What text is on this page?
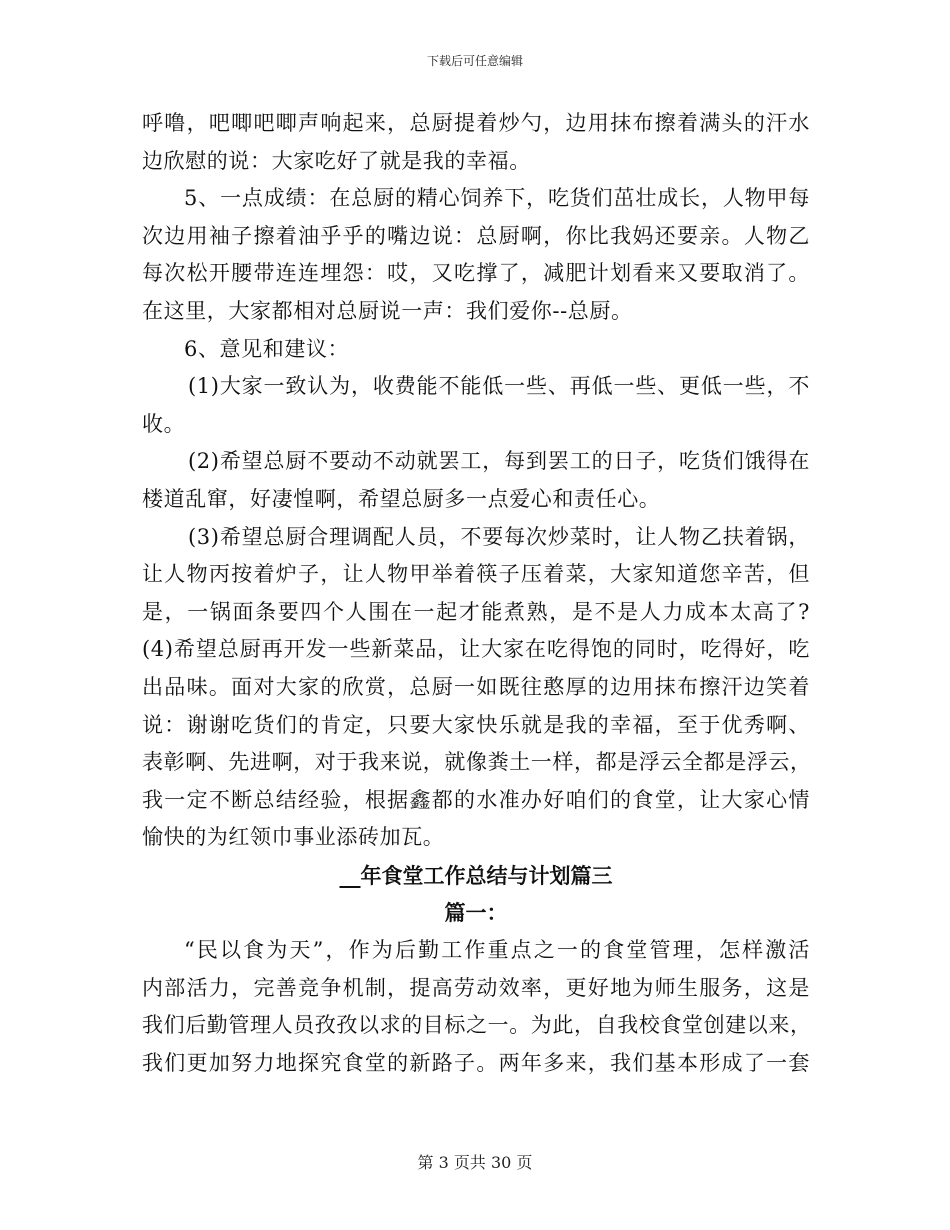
下载后可任意编辑
呼噜，吧唧吧唧声响起来，总厨提着炒勺，边用抹布擦着满头的汗水
边欣慰的说：大家吃好了就是我的幸福。
5、一点成绩：在总厨的精心饲养下，吃货们茁壮成长，人物甲每
次边用袖子擦着油乎乎的嘴边说：总厨啊，你比我妈还要亲。人物乙
每次松开腰带连连埋怨：哎，又吃撑了，减肥计划看来又要取消了。
在这里，大家都相对总厨说一声：我们爱你--总厨。
6、意见和建议：
(1)大家一致认为，收费能不能低一些、再低一些、更低一些，不
收。
(2)希望总厨不要动不动就罢工，每到罢工的日子，吃货们饿得在
楼道乱窜，好凄惶啊，希望总厨多一点爱心和责任心。
(3)希望总厨合理调配人员，不要每次炒菜时，让人物乙扶着锅，
让人物丙按着炉子，让人物甲举着筷子压着菜，大家知道您辛苦，但
是，一锅面条要四个人围在一起才能煮熟，是不是人力成本太高了?
(4)希望总厨再开发一些新菜品，让大家在吃得饱的同时，吃得好，吃
出品味。面对大家的欣赏，总厨一如既往憨厚的边用抹布擦汗边笑着
说：谢谢吃货们的肯定，只要大家快乐就是我的幸福，至于优秀啊、
表彰啊、先进啊，对于我来说，就像粪土一样，都是浮云全都是浮云，
我一定不断总结经验，根据鑫都的水准办好咱们的食堂，让大家心情
愉快的为红领巾事业添砖加瓦。
__年食堂工作总结与计划篇三
篇一：
“民以食为天”，作为后勤工作重点之一的食堂管理，怎样激活
内部活力，完善竞争机制，提高劳动效率，更好地为师生服务，这是
我们后勤管理人员孜孜以求的目标之一。为此，自我校食堂创建以来，
我们更加努力地探究食堂的新路子。两年多来，我们基本形成了一套
第 3 页共 30 页
